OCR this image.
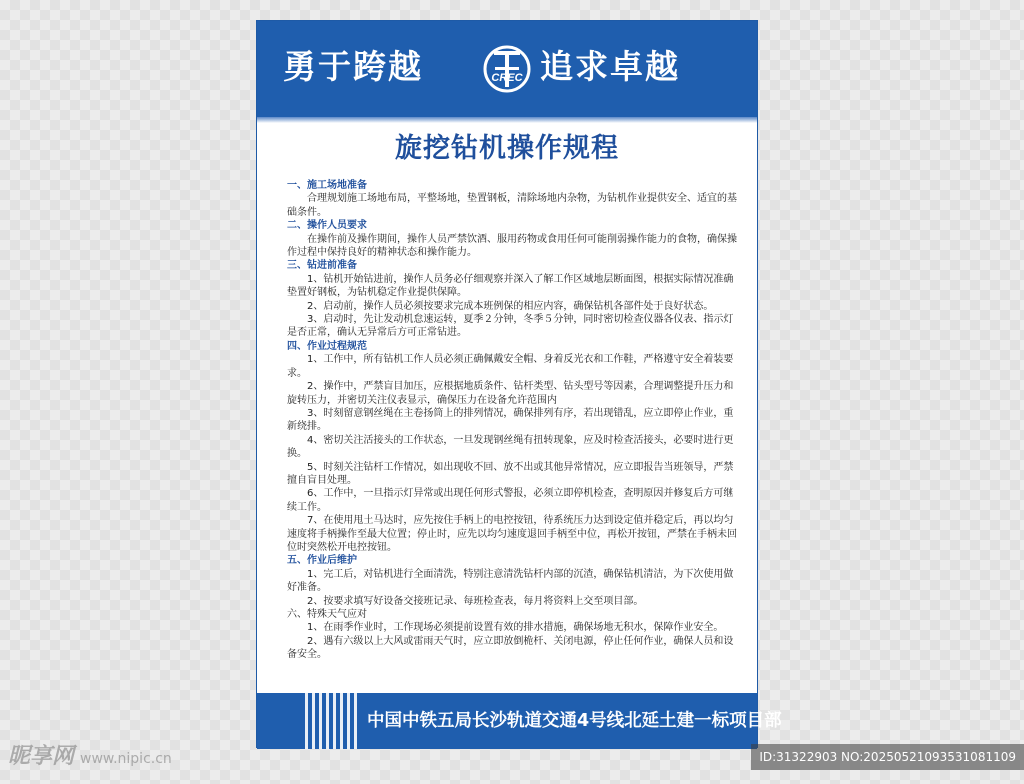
勇于跨越	CREC 追求卓越
旋挖钻机操作规程

一、施工场地准备

合理规划施工场地布局，平整场地，垫置钢板，清除场地内杂物，为钻机作业提供安全、适宜的基础条件。

二、操作人员要求

在操作前及操作期间，操作人员严禁饮酒、服用药物或食用任何可能削弱操作能力的食物，确保操作过程中保持良好的精神状态和操作能力。

三、钻进前准备

1、钻机开始钻进前，操作人员务必仔细观察并深入了解工作区域地层断面图，根据实际情况准确垫置好钢板，为钻机稳定作业提供保障。

2、启动前，操作人员必须按要求完成本班例保的相应内容，确保钻机各部件处于良好状态。

3、启动时，先让发动机怠速运转，夏季２分钟，冬季５分钟，同时密切检查仪器各仪表、指示灯是否正常，确认无异常后方可正常钻进。

四、作业过程规范

1、工作中，所有钻机工作人员必须正确佩戴安全帽、身着反光衣和工作鞋，严格遵守安全着装要求。

2、操作中，严禁盲目加压，应根据地质条件、钻杆类型、钻头型号等因素，合理调整提升压力和旋转压力，并密切关注仪表显示，确保压力在设备允许范围内

3、时刻留意钢丝绳在主卷扬筒上的排列情况，确保排列有序，若出现错乱，应立即停止作业，重新绕排。

4、密切关注活接头的工作状态，一旦发现钢丝绳有扭转现象，应及时检查活接头，必要时进行更换。

5、时刻关注钻杆工作情况，如出现收不回、放不出或其他异常情况，应立即报告当班领导，严禁擅自盲目处理。

6、工作中，一旦指示灯异常或出现任何形式警报，必须立即停机检查，查明原因并修复后方可继续工作。

7、在使用甩土马达时，应先按住手柄上的电控按钮，待系统压力达到设定值并稳定后，再以均匀速度将手柄操作至最大位置；停止时，应先以均匀速度退回手柄至中位，再松开按钮，严禁在手柄未回位时突然松开电控按钮。

五、作业后维护

1、完工后，对钻机进行全面清洗，特别注意清洗钻杆内部的沉渣，确保钻机清洁，为下次使用做好准备。

2、按要求填写好设备交接班记录、每班检查表，每月将资料上交至项目部。

六、特殊天气应对

1、在雨季作业时，工作现场必须提前设置有效的排水措施，确保场地无积水，保障作业安全。

2、遇有六级以上大风或雷雨天气时，应立即放倒桅杆、关闭电源，停止任何作业，确保人员和设备安全。

中国中铁五局长沙轨道交通4号线北延土建一标项目部
昵享网 www.nipic.cn	ID:31322903 NO:20250521093531081109
